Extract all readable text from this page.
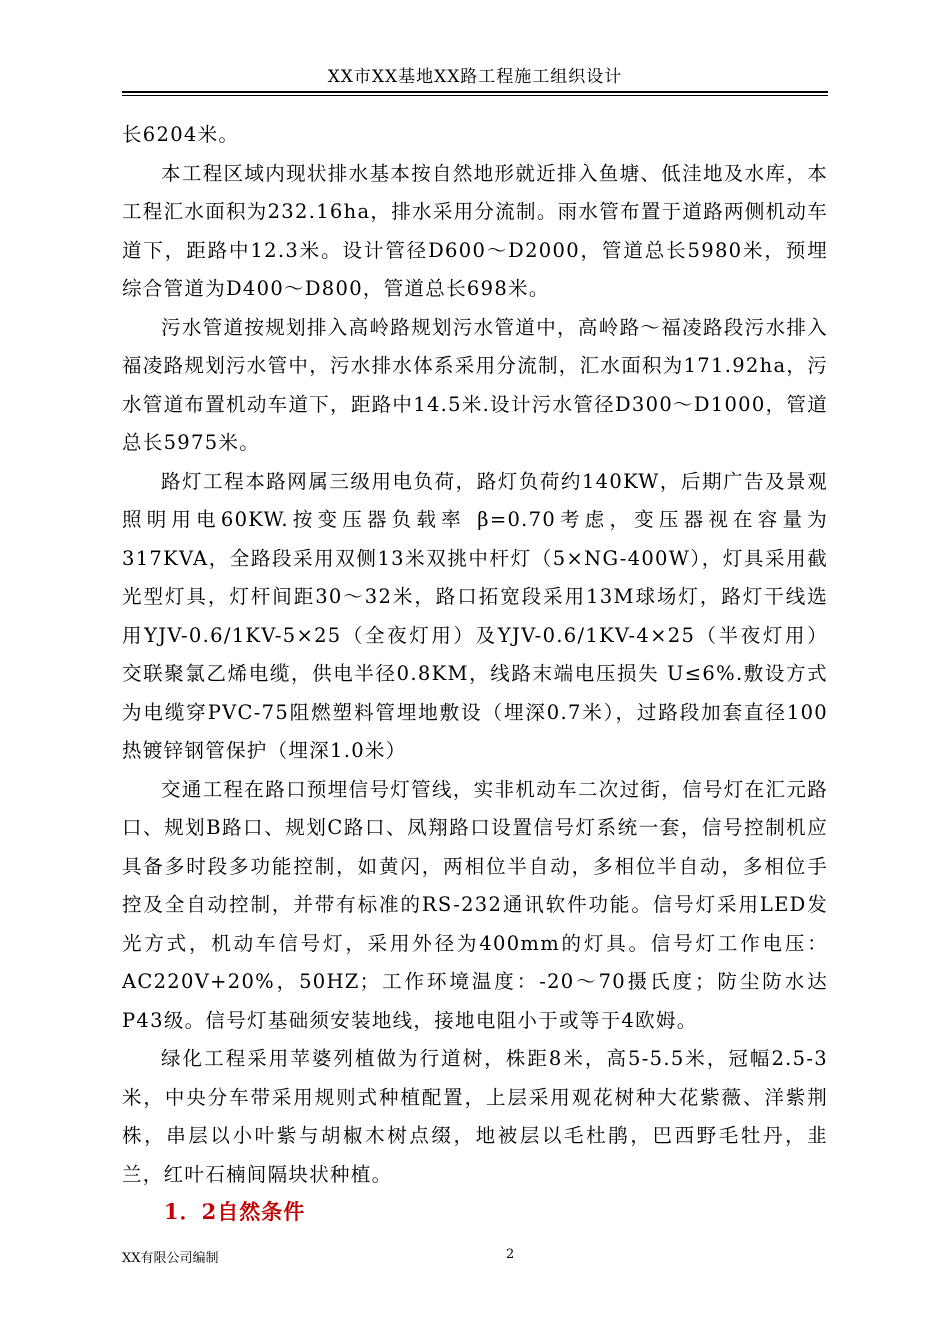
XX市XX基地XX路工程施工组织设计

长6204米。

本工程区域内现状排水基本按自然地形就近排入鱼塘、低洼地及水库，本工程汇水面积为232.16ha，排水采用分流制。雨水管布置于道路两侧机动车道下，距路中12.3米。设计管径D600～D2000，管道总长5980米，预埋综合管道为D400～D800，管道总长698米。

污水管道按规划排入高岭路规划污水管道中，高岭路～福凌路段污水排入福凌路规划污水管中，污水排水体系采用分流制，汇水面积为171.92ha，污水管道布置机动车道下，距路中14.5米.设计污水管径D300～D1000，管道总长5975米。

路灯工程本路网属三级用电负荷，路灯负荷约140KW，后期广告及景观照明用电60KW.按变压器负载率 β=0.70考虑，变压器视在容量为317KVA，全路段采用双侧13米双挑中杆灯（5×NG-400W），灯具采用截光型灯具，灯杆间距30～32米，路口拓宽段采用13M球场灯，路灯干线选用YJV-0.6/1KV-5×25（全夜灯用）及YJV-0.6/1KV-4×25（半夜灯用）交联聚氯乙烯电缆，供电半径0.8KM，线路末端电压损失 U≤6%.敷设方式为电缆穿PVC-75阻燃塑料管埋地敷设（埋深0.7米），过路段加套直径100热镀锌钢管保护（埋深1.0米）

交通工程在路口预埋信号灯管线，实非机动车二次过街，信号灯在汇元路口、规划B路口、规划C路口、凤翔路口设置信号灯系统一套，信号控制机应具备多时段多功能控制，如黄闪，两相位半自动，多相位半自动，多相位手控及全自动控制，并带有标准的RS-232通讯软件功能。信号灯采用LED发光方式，机动车信号灯，采用外径为400mm的灯具。信号灯工作电压：AC220V+20%，50HZ；工作环境温度：-20～70摄氏度；防尘防水达P43级。信号灯基础须安装地线，接地电阻小于或等于4欧姆。

绿化工程采用苹婆列植做为行道树，株距8米，高5-5.5米，冠幅2.5-3米，中央分车带采用规则式种植配置，上层采用观花树种大花紫薇、洋紫荆株，串层以小叶紫与胡椒木树点缀，地被层以毛杜鹃，巴西野毛牡丹，韭兰，红叶石楠间隔块状种植。

1．2自然条件
XX有限公司编制	2
